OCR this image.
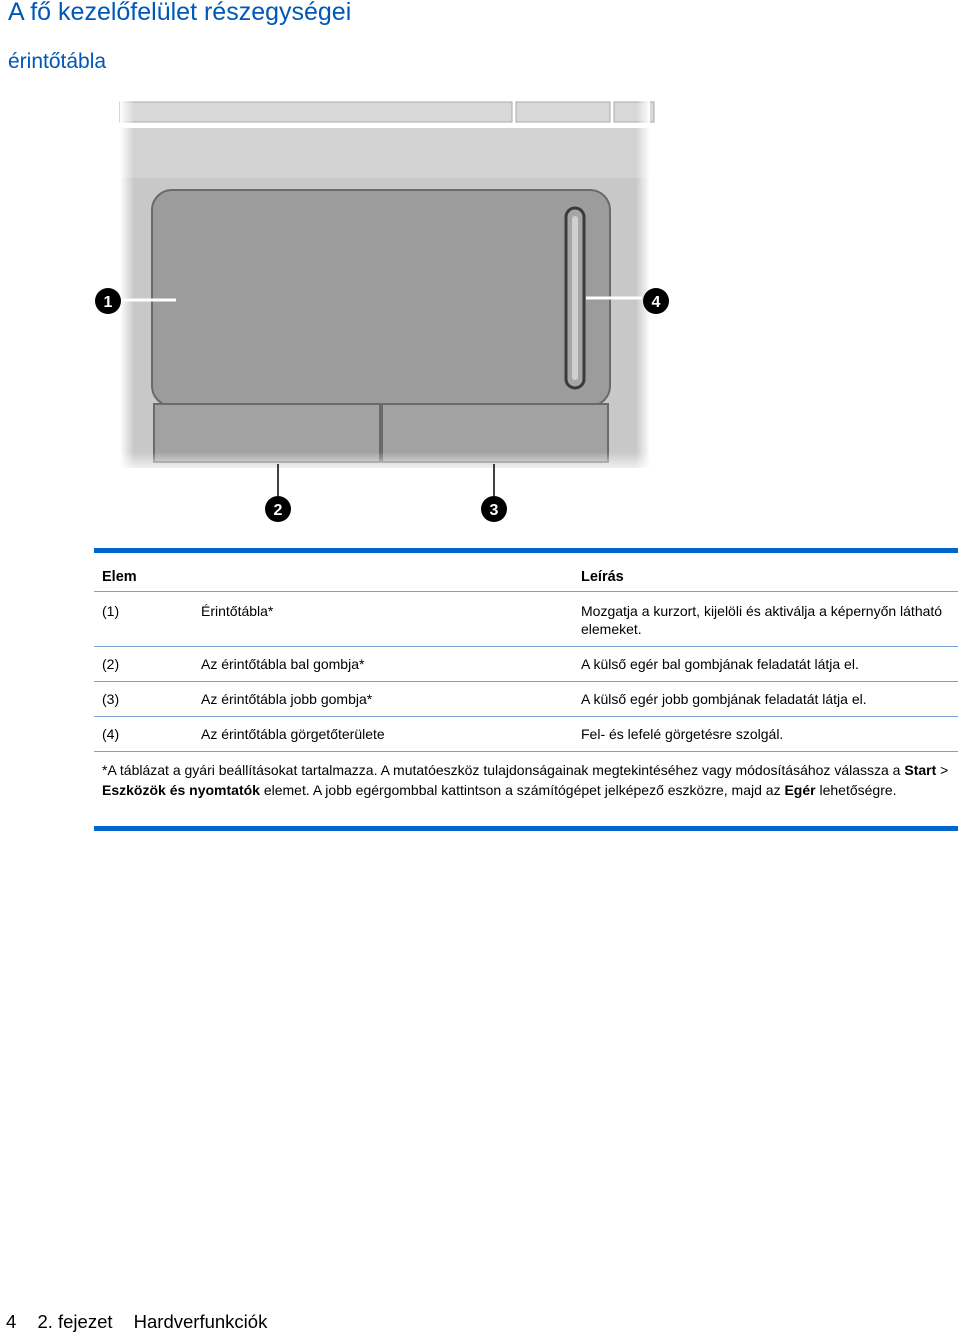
A fő kezelőfelület részegységei
érintőtábla
1	4
2	3
Elem	Leírás
(1)	Érintőtábla*	Mozgatja a kurzort, kijelöli és aktiválja a képernyőn látható elemeket.
(2)	Az érintőtábla bal gombja*	A külső egér bal gombjának feladatát látja el.
(3)	Az érintőtábla jobb gombja*	A külső egér jobb gombjának feladatát látja el.
(4)	Az érintőtábla görgetőterülete	Fel- és lefelé görgetésre szolgál.
*A táblázat a gyári beállításokat tartalmazza. A mutatóeszköz tulajdonságainak megtekintéséhez vagy módosításához válassza a Start > Eszközök és nyomtatók elemet. A jobb egérgombbal kattintson a számítógépet jelképező eszközre, majd az Egér lehetőségre.
4 2. fejezet Hardverfunkciók
